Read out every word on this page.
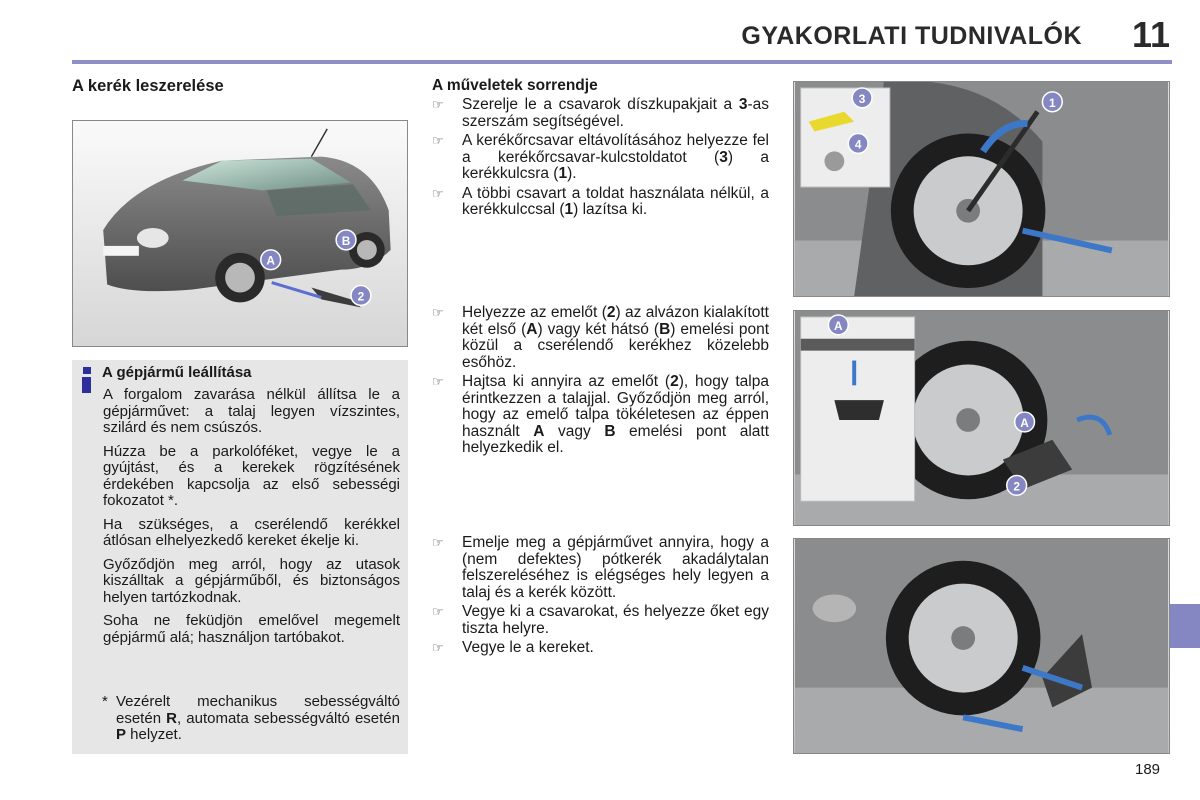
GYAKORLATI TUDNIVALÓK 11
A kerék leszerelése
A
B
2
A gépjármű leállítása

A forgalom zavarása nélkül állítsa le a gépjárművet: a talaj legyen vízszintes, szilárd és nem csúszós.

Húzza be a parkolóféket, vegye le a gyújtást, és a kerekek rögzítésének érdekében kapcsolja az első sebességi fokozatot *.

Ha szükséges, a cserélendő kerékkel átlósan elhelyezkedő kereket ékelje ki.

Győződjön meg arról, hogy az utasok kiszálltak a gépjárműből, és biztonságos helyen tartózkodnak.

Soha ne feküdjön emelővel megemelt gépjármű alá; használjon tartóbakot.

* Vezérelt mechanikus sebességváltó esetén R, automata sebességváltó esetén P helyzet.
A műveletek sorrendje
☞ Szerelje le a csavarok díszkupakjait a 3-as szerszám segítségével.
☞ A kerékőrcsavar eltávolításához helyezze fel a kerékőrcsavar-kulcstoldatot (3) a kerékkulcsra (1).
☞ A többi csavart a toldat használata nélkül, a kerékkulccsal (1) lazítsa ki.
☞ Helyezze az emelőt (2) az alvázon kialakított két első (A) vagy két hátsó (B) emelési pont közül a cserélendő kerékhez közelebb esőhöz.
☞ Hajtsa ki annyira az emelőt (2), hogy talpa érintkezzen a talajjal. Győződjön meg arról, hogy az emelő talpa tökéletesen az éppen használt A vagy B emelési pont alatt helyezkedik el.
☞ Emelje meg a gépjárművet annyira, hogy a (nem defektes) pótkerék akadálytalan felszereléséhez is elégséges hely legyen a talaj és a kerék között.
☞ Vegye ki a csavarokat, és helyezze őket egy tiszta helyre.
☞ Vegye le a kereket.
3
4
1
A
A
2
189
